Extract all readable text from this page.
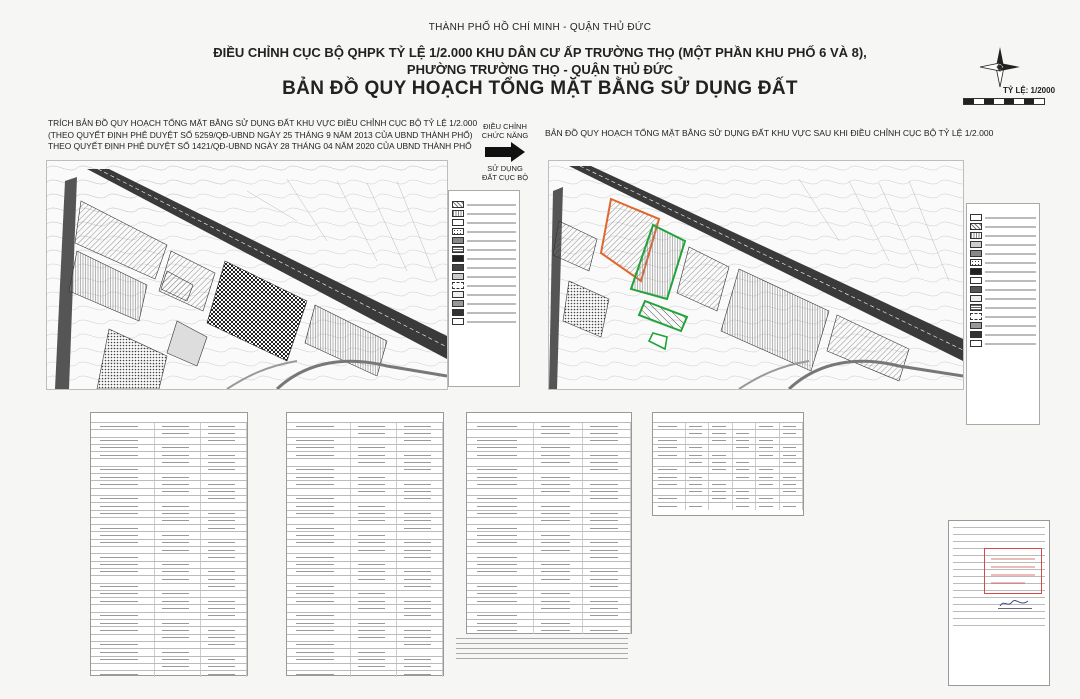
THÀNH PHỐ HỒ CHÍ MINH - QUẬN THỦ ĐỨC
ĐIỀU CHỈNH CỤC BỘ QHPK TỶ LỆ 1/2.000 KHU DÂN CƯ ẤP TRƯỜNG THỌ (MỘT PHẦN KHU PHỐ 6 VÀ 8),
PHƯỜNG TRƯỜNG THỌ - QUẬN THỦ ĐỨC
BẢN ĐỒ QUY HOẠCH TỔNG MẶT BẰNG SỬ DỤNG ĐẤT	TỶ LỆ: 1/2000
TRÍCH BẢN ĐỒ QUY HOẠCH TỔNG MẶT BẰNG SỬ DỤNG ĐẤT KHU VỰC ĐIỀU CHỈNH CỤC BỘ TỶ LỆ 1/2.000
(THEO QUYẾT ĐỊNH PHÊ DUYỆT SỐ 5259/QĐ-UBND NGÀY 25 THÁNG 9 NĂM 2013 CỦA UBND THÀNH PHỐ)
THEO QUYẾT ĐỊNH PHÊ DUYỆT SỐ 1421/QĐ-UBND NGÀY 28 THÁNG 04 NĂM 2020 CỦA UBND THÀNH PHỐ
ĐIỀU CHỈNH
CHỨC NĂNG
SỬ DỤNG
ĐẤT CỤC BỘ
BẢN ĐỒ QUY HOẠCH TỔNG MẶT BẰNG SỬ DỤNG ĐẤT KHU VỰC SAU KHI ĐIỀU CHỈNH CỤC BỘ TỶ LỆ 1/2.000
